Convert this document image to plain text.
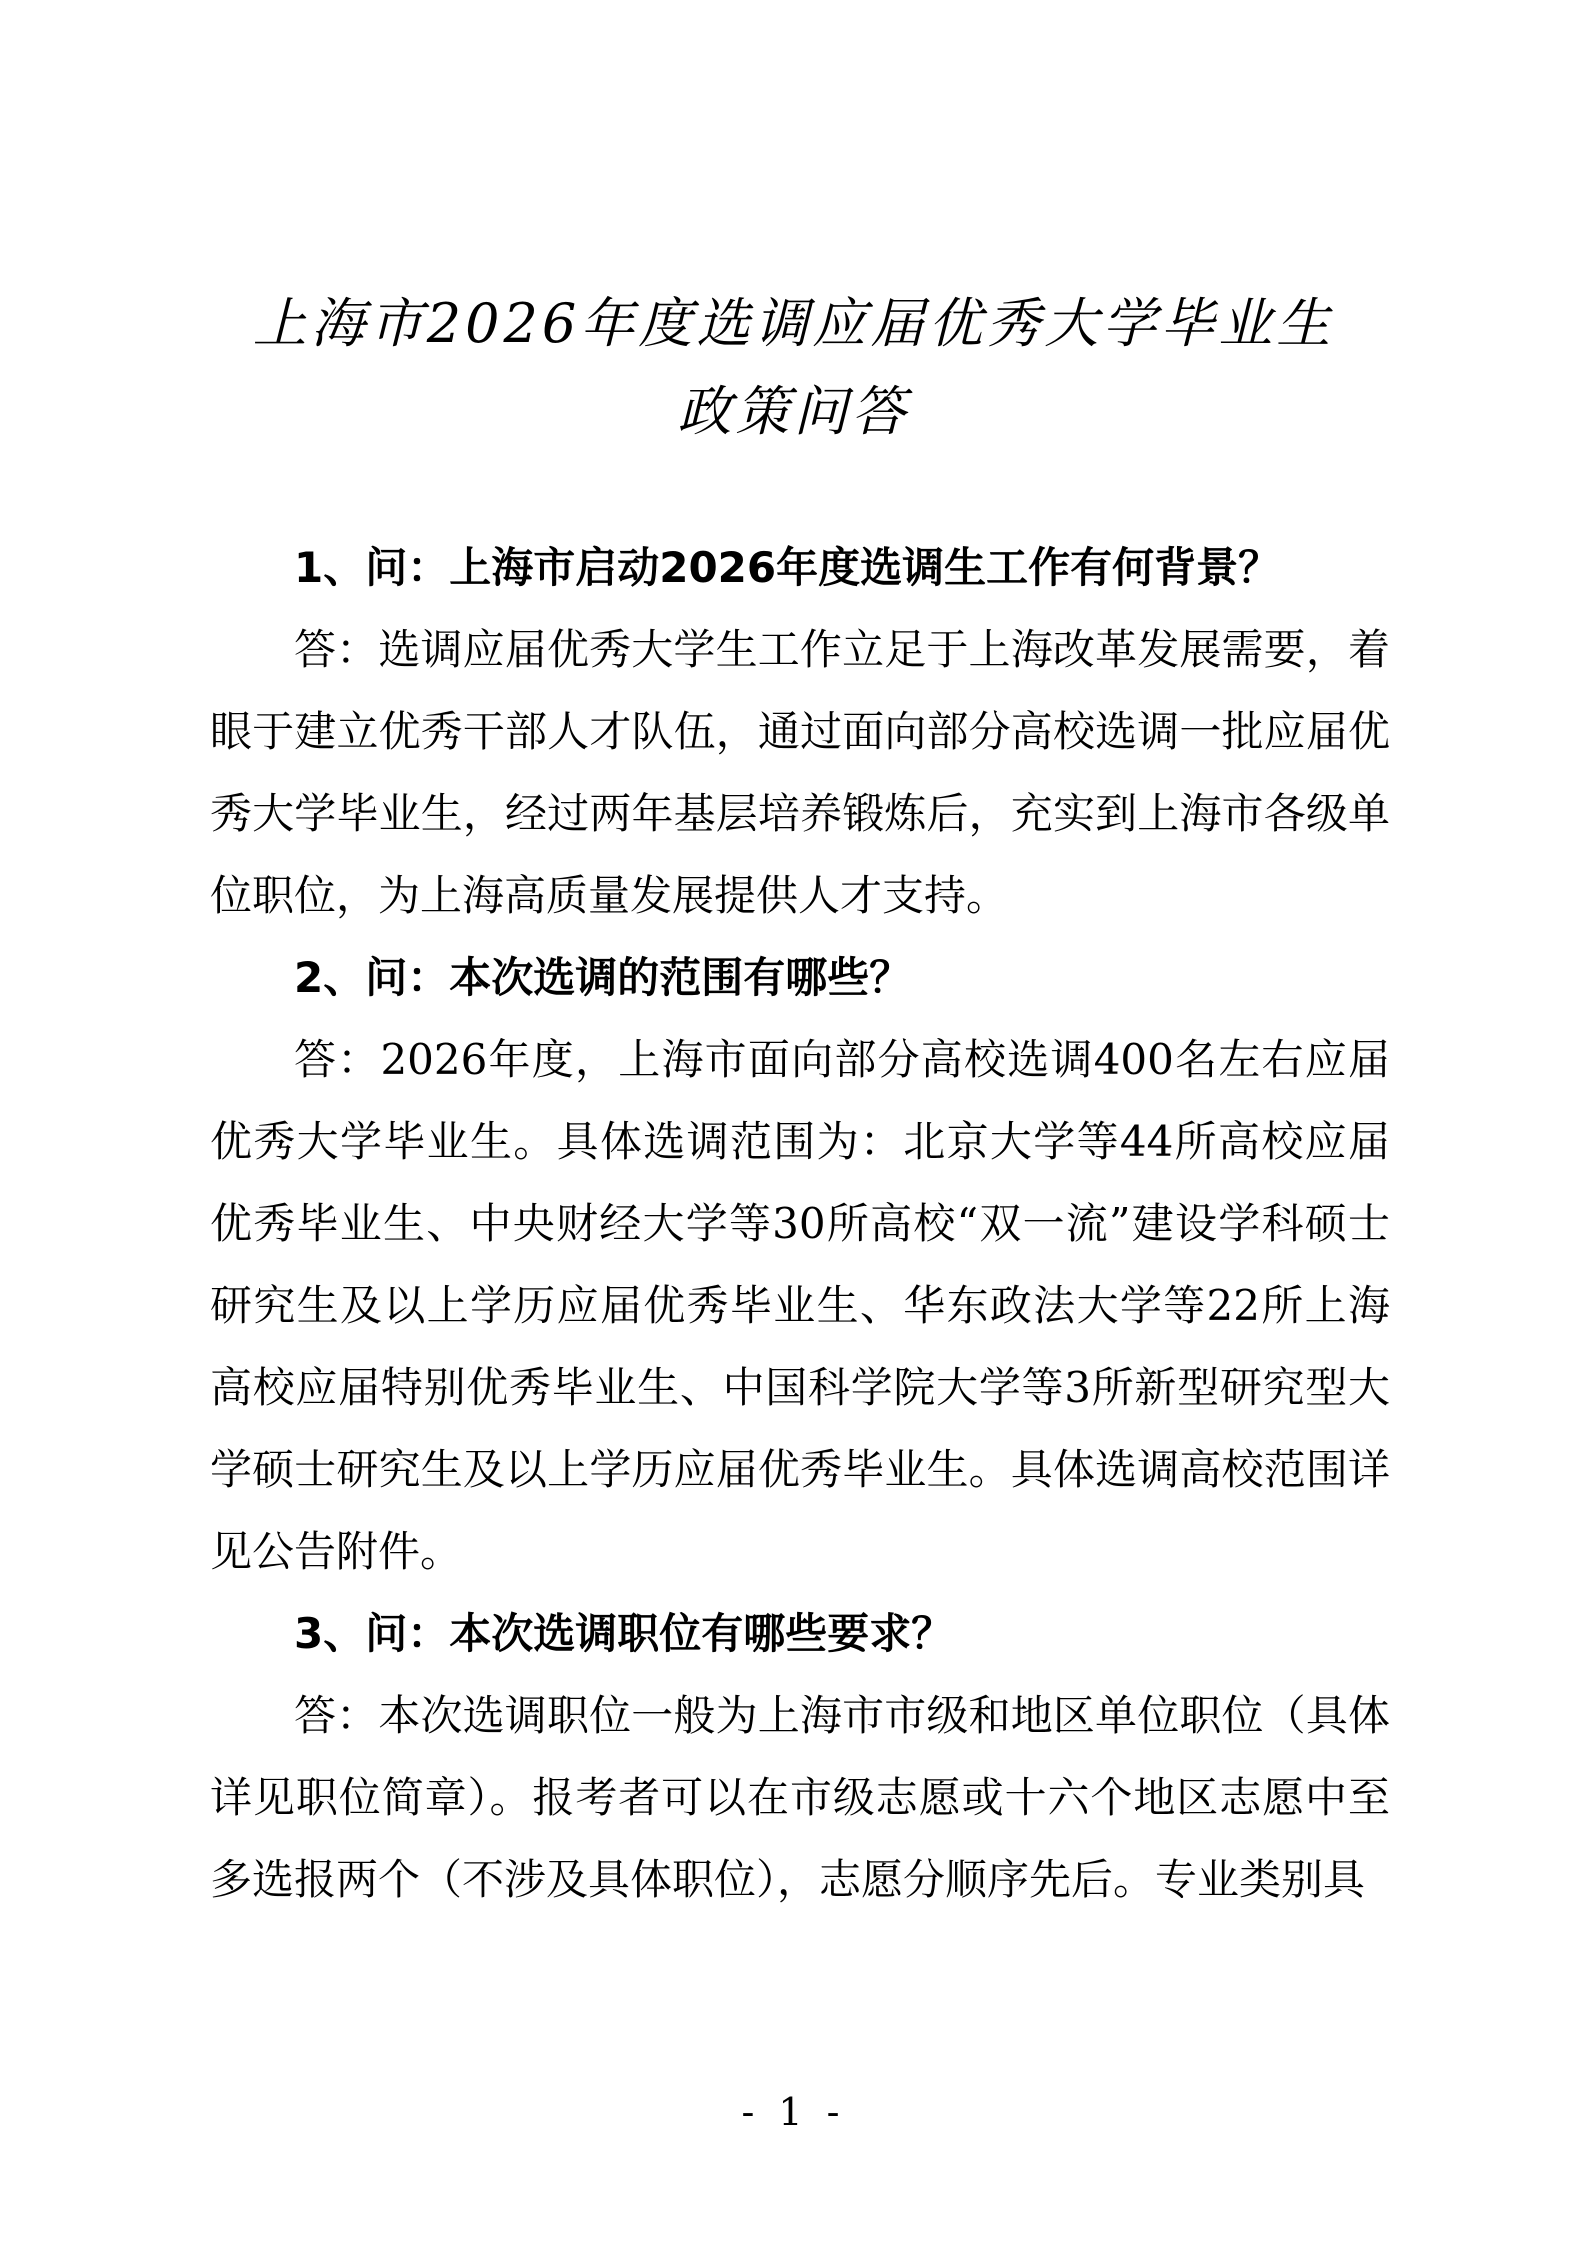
上海市2026年度选调应届优秀大学毕业生
政策问答

1、问：上海市启动2026年度选调生工作有何背景？

答：选调应届优秀大学生工作立足于上海改革发展需要，着眼于建立优秀干部人才队伍，通过面向部分高校选调一批应届优秀大学毕业生，经过两年基层培养锻炼后，充实到上海市各级单位职位，为上海高质量发展提供人才支持。

2、问：本次选调的范围有哪些？

答：2026年度，上海市面向部分高校选调400名左右应届优秀大学毕业生。具体选调范围为：北京大学等44所高校应届优秀毕业生、中央财经大学等30所高校“双一流”建设学科硕士研究生及以上学历应届优秀毕业生、华东政法大学等22所上海高校应届特别优秀毕业生、中国科学院大学等3所新型研究型大学硕士研究生及以上学历应届优秀毕业生。具体选调高校范围详见公告附件。

3、问：本次选调职位有哪些要求？

答：本次选调职位一般为上海市市级和地区单位职位（具体详见职位简章）。报考者可以在市级志愿或十六个地区志愿中至多选报两个（不涉及具体职位），志愿分顺序先后。专业类别具

- 1 -
